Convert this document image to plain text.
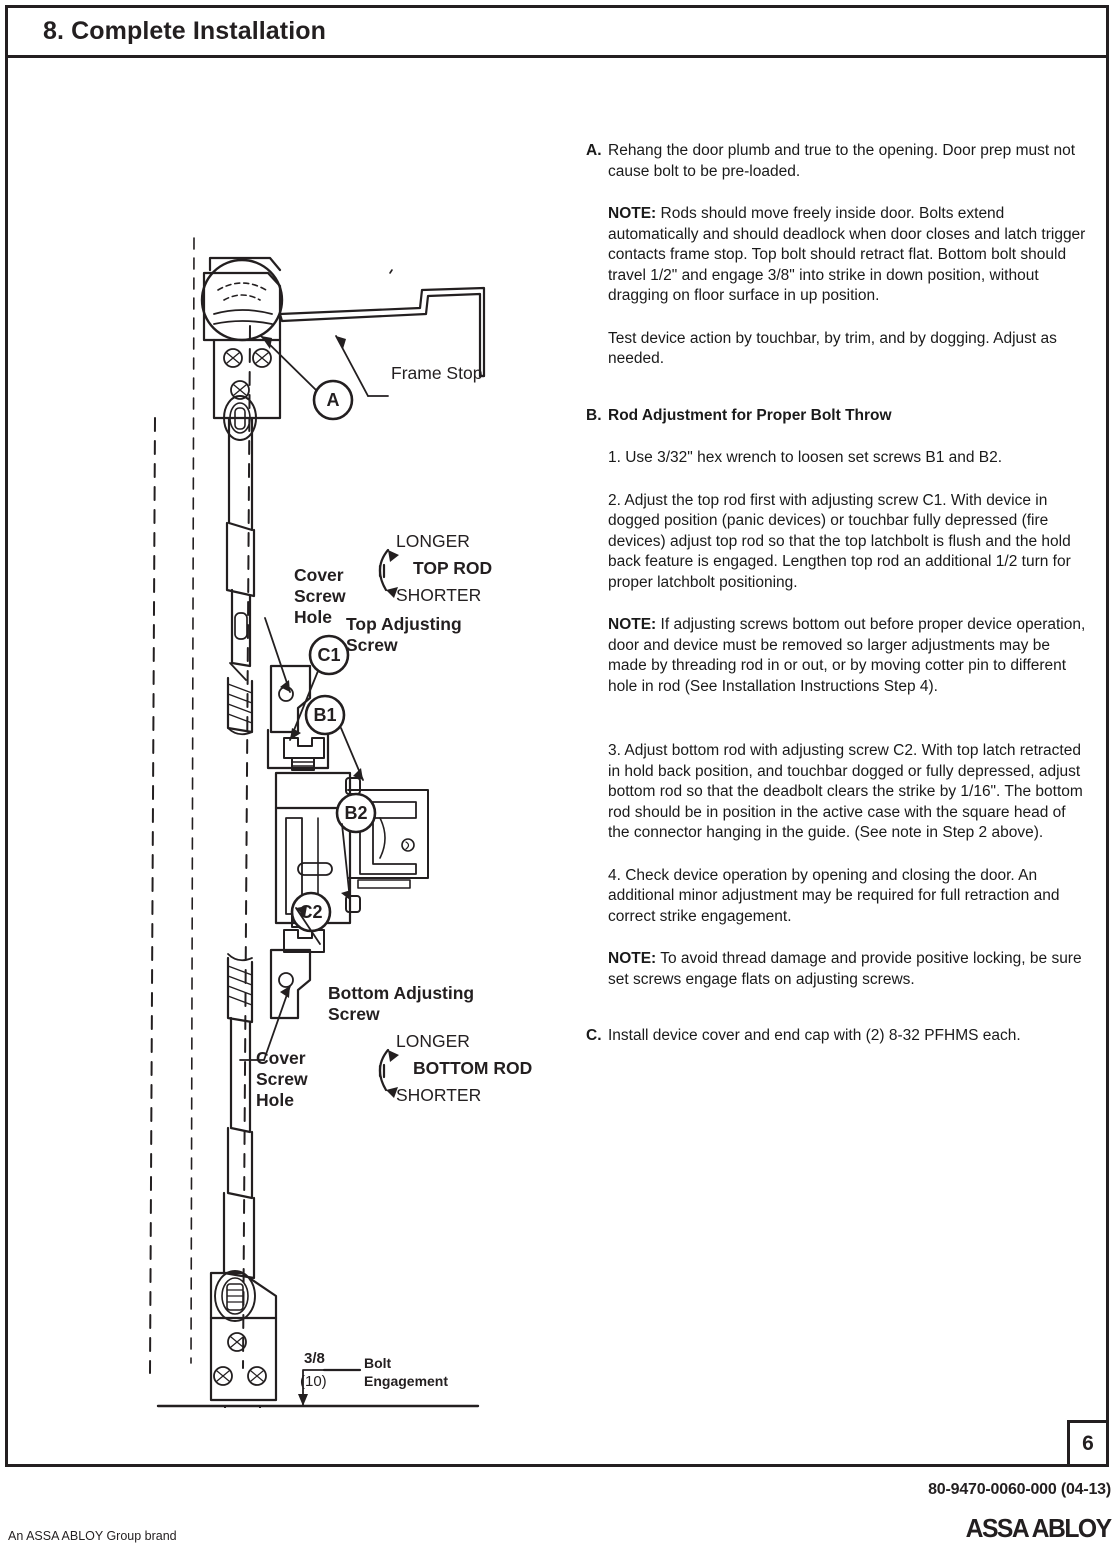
8. Complete Installation
A
C1
B1
B2
C2
Frame Stop
Cover
Screw
Hole
LONGER
TOP ROD
SHORTER
Top Adjusting
Screw
Bottom Adjusting
Screw
LONGER
BOTTOM ROD
SHORTER
Cover
Screw
Hole
3/8
(10)
Bolt
Engagement
A. Rehang the door plumb and true to the opening. Door prep must not cause bolt to be pre-loaded.
NOTE: Rods should move freely inside door. Bolts extend automatically and should deadlock when door closes and latch trigger contacts frame stop. Top bolt should retract flat. Bottom bolt should travel 1/2" and engage 3/8" into strike in down position, without dragging on floor surface in up position.
Test device action by touchbar, by trim, and by dogging. Adjust as needed.
B. Rod Adjustment for Proper Bolt Throw
1. Use 3/32" hex wrench to loosen set screws B1 and B2.
2. Adjust the top rod first with adjusting screw C1. With device in dogged position (panic devices) or touchbar fully depressed (fire devices) adjust top rod so that the top latchbolt is flush and the hold back feature is engaged. Lengthen top rod an additional 1/2 turn for proper latchbolt positioning.
NOTE: If adjusting screws bottom out before proper device operation, door and device must be removed so larger adjustments may be made by threading rod in or out, or by moving cotter pin to different hole in rod (See Installation Instructions Step 4).
3. Adjust bottom rod with adjusting screw C2. With top latch retracted in hold back position, and touchbar dogged or fully depressed, adjust bottom rod so that the deadbolt clears the strike by 1/16". The bottom rod should be in position in the active case with the square head of the connector hanging in the guide. (See note in Step 2 above).
4. Check device operation by opening and closing the door. An additional minor adjustment may be required for full retraction and correct strike engagement.
NOTE: To avoid thread damage and provide positive locking, be sure set screws engage flats on adjusting screws.
C. Install device cover and end cap with (2) 8-32 PFHMS each.
6
80-9470-0060-000 (04-13)
An ASSA ABLOY Group brand	ASSA ABLOY
